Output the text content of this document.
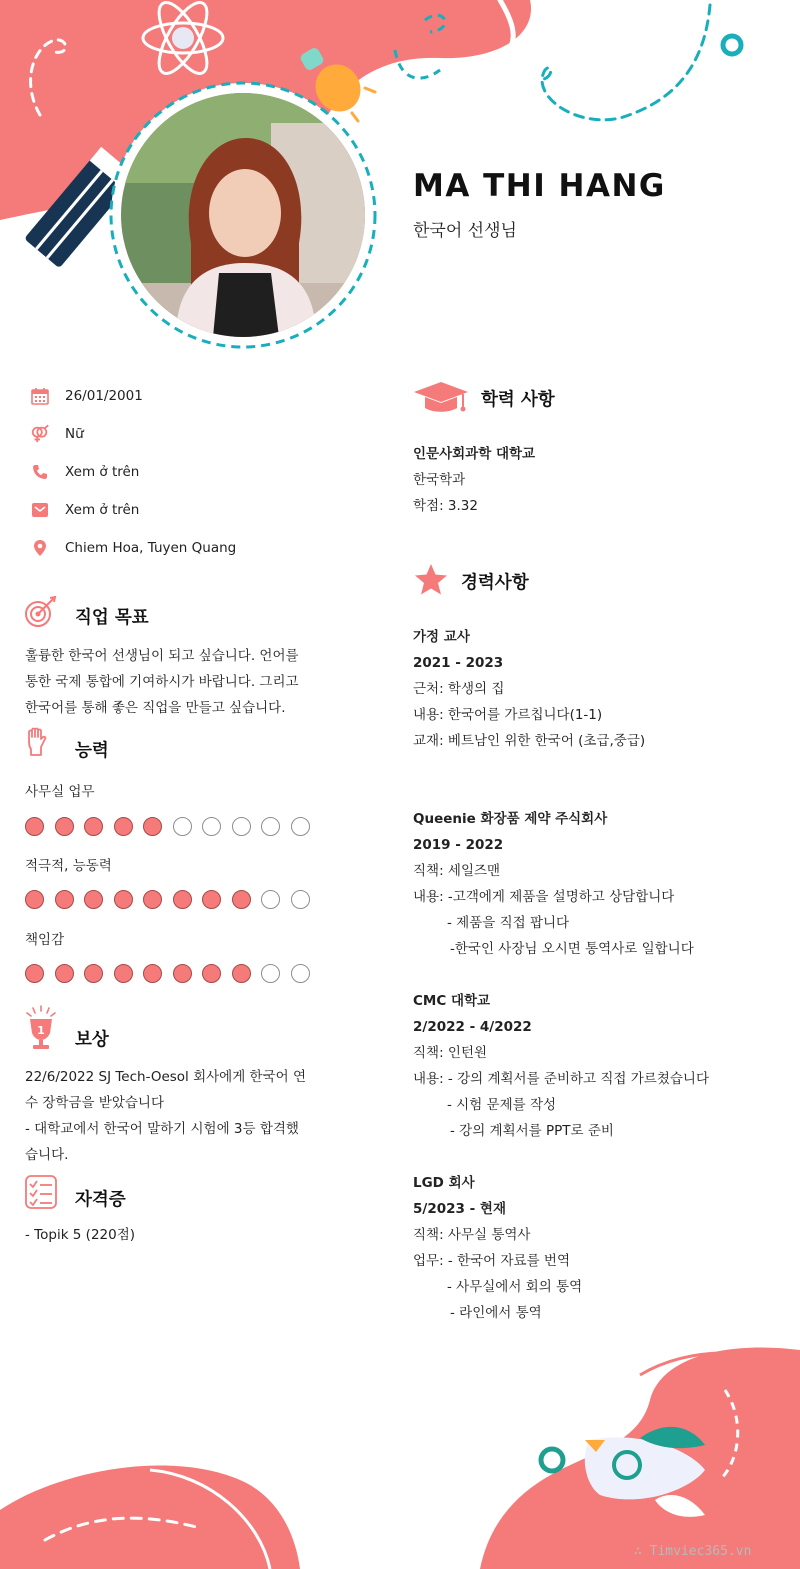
MA THI HANG
한국어 선생님
26/01/2001
Nữ
Xem ở trên
Xem ở trên
Chiem Hoa, Tuyen Quang
직업 목표
훌륭한 한국어 선생님이 되고 싶습니다. 언어를
통한 국제 통합에 기여하시가 바랍니다. 그리고
한국어를 통해 좋은 직업을 만들고 싶습니다.
능력
사무실 업무
적극적, 능동력
책임감
1 보상
22/6/2022 SJ Tech-Oesol 회사에게 한국어 연
수 장학금을 받았습니다
- 대학교에서 한국어 말하기 시험에 3등 합격했
습니다.
자격증
- Topik 5 (220점)
학력 사항
인문사회과학 대학교
한국학과
학점: 3.32
경력사항
가정 교사
2021 - 2023
근처: 학생의 집
내용: 한국어를 가르칩니다(1-1)
교재: 베트남인 위한 한국어 (초급,중급)
Queenie 화장품 제약 주식회사
2019 - 2022
직책: 세일즈맨
내용: -고객에게 제품을 설명하고 상담합니다
- 제품을 직접 팝니다
-한국인 사장님 오시면 통역사로 일합니다
CMC 대학교
2/2022 - 4/2022
직책: 인턴원
내용: - 강의 계획서를 준비하고 직접 가르쳤습니다
- 시험 문제를 작성
- 강의 계획서를 PPT로 준비
LGD 회사
5/2023 - 현재
직책: 사무실 통역사
업무: - 한국어 자료를 번역
- 사무실에서 회의 통역
- 라인에서 통역
∴ Timviec365.vn
